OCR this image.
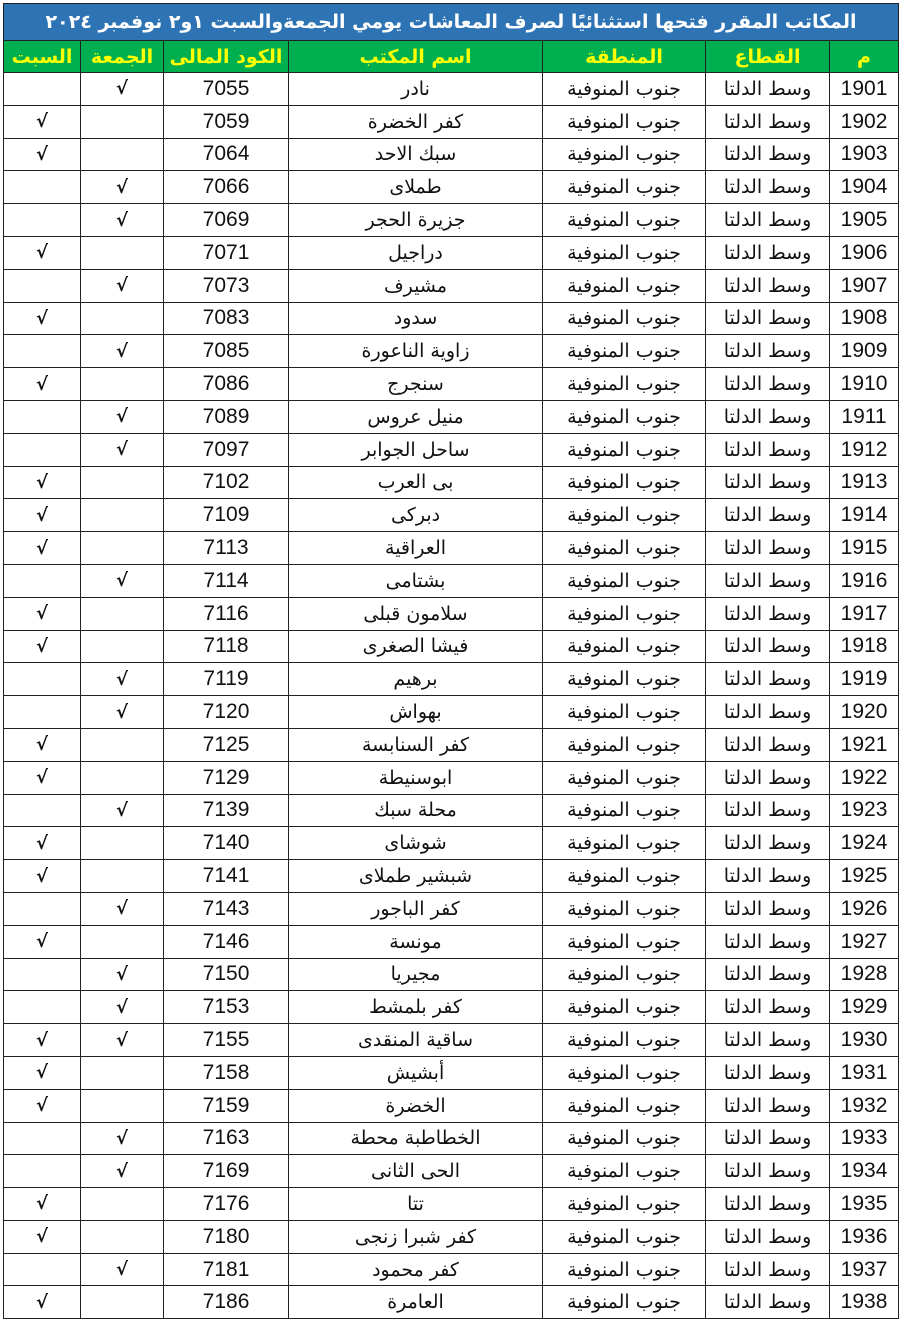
المكاتب المقرر فتحها استثنائيًا لصرف المعاشات يومي الجمعةوالسبت ١و٢ نوفمبر ٢٠٢٤						
م	القطاع	المنطقة	اسم المكتب	الكود المالى	الجمعة	السبت
1901	وسط الدلتا	جنوب المنوفية	نادر	7055	√	
1902	وسط الدلتا	جنوب المنوفية	كفر الخضرة	7059		√
1903	وسط الدلتا	جنوب المنوفية	سبك الاحد	7064		√
1904	وسط الدلتا	جنوب المنوفية	طملاى	7066	√	
1905	وسط الدلتا	جنوب المنوفية	جزيرة الحجر	7069	√	
1906	وسط الدلتا	جنوب المنوفية	دراجيل	7071		√
1907	وسط الدلتا	جنوب المنوفية	مشيرف	7073	√	
1908	وسط الدلتا	جنوب المنوفية	سدود	7083		√
1909	وسط الدلتا	جنوب المنوفية	زاوية الناعورة	7085	√	
1910	وسط الدلتا	جنوب المنوفية	سنجرج	7086		√
1911	وسط الدلتا	جنوب المنوفية	منيل عروس	7089	√	
1912	وسط الدلتا	جنوب المنوفية	ساحل الجوابر	7097	√	
1913	وسط الدلتا	جنوب المنوفية	بى العرب	7102		√
1914	وسط الدلتا	جنوب المنوفية	دبركى	7109		√
1915	وسط الدلتا	جنوب المنوفية	العراقية	7113		√
1916	وسط الدلتا	جنوب المنوفية	بشتامى	7114	√	
1917	وسط الدلتا	جنوب المنوفية	سلامون قبلى	7116		√
1918	وسط الدلتا	جنوب المنوفية	فيشا الصغرى	7118		√
1919	وسط الدلتا	جنوب المنوفية	برهيم	7119	√	
1920	وسط الدلتا	جنوب المنوفية	بهواش	7120	√	
1921	وسط الدلتا	جنوب المنوفية	كفر السنابسة	7125		√
1922	وسط الدلتا	جنوب المنوفية	ابوسنيطة	7129		√
1923	وسط الدلتا	جنوب المنوفية	محلة سبك	7139	√	
1924	وسط الدلتا	جنوب المنوفية	شوشاى	7140		√
1925	وسط الدلتا	جنوب المنوفية	شبشير طملاى	7141		√
1926	وسط الدلتا	جنوب المنوفية	كفر الباجور	7143	√	
1927	وسط الدلتا	جنوب المنوفية	مونسة	7146		√
1928	وسط الدلتا	جنوب المنوفية	مجيريا	7150	√	
1929	وسط الدلتا	جنوب المنوفية	كفر بلمشط	7153	√	
1930	وسط الدلتا	جنوب المنوفية	ساقية المنقدى	7155	√	√
1931	وسط الدلتا	جنوب المنوفية	أبشيش	7158		√
1932	وسط الدلتا	جنوب المنوفية	الخضرة	7159		√
1933	وسط الدلتا	جنوب المنوفية	الخطاطبة محطة	7163	√	
1934	وسط الدلتا	جنوب المنوفية	الحى الثانى	7169	√	
1935	وسط الدلتا	جنوب المنوفية	تتا	7176		√
1936	وسط الدلتا	جنوب المنوفية	كفر شبرا زنجى	7180		√
1937	وسط الدلتا	جنوب المنوفية	كفر محمود	7181	√	
1938	وسط الدلتا	جنوب المنوفية	العامرة	7186		√
